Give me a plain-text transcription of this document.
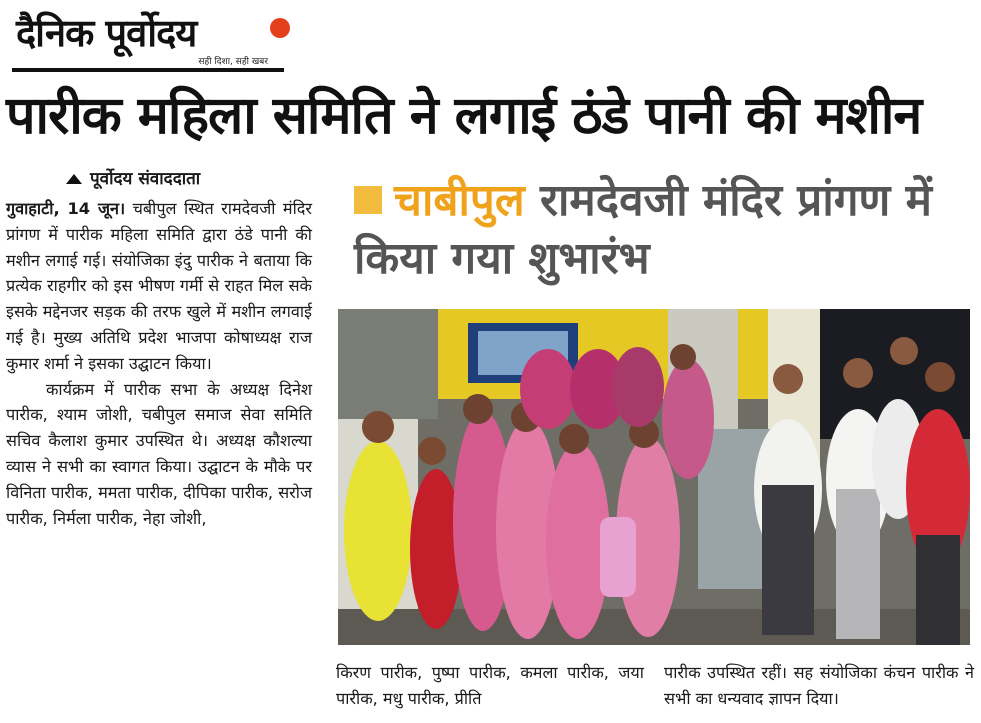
दैनिक पूर्वोदय
सही दिशा, सही खबर
पारीक महिला समिति ने लगाई ठंडे पानी की मशीन
पूर्वोदय संवाददाता	चाबीपुल रामदेवजी मंदिर प्रांगण में किया गया शुभारंभ

गुवाहाटी, 14 जून। चबीपुल स्थित रामदेवजी मंदिर प्रांगण में पारीक महिला समिति द्वारा ठंडे पानी की मशीन लगाई गई। संयोजिका इंदु पारीक ने बताया कि प्रत्येक राहगीर को इस भीषण गर्मी से राहत मिल सके इसके मद्देनजर सड़क की तरफ खुले में मशीन लगवाई गई है। मुख्य अतिथि प्रदेश भाजपा कोषाध्यक्ष राज कुमार शर्मा ने इसका उद्घाटन किया।

कार्यक्रम में पारीक सभा के अध्यक्ष दिनेश पारीक, श्याम जोशी, चबीपुल समाज सेवा समिति सचिव कैलाश कुमार उपस्थित थे। अध्यक्ष कौशल्या व्यास ने सभी का स्वागत किया। उद्घाटन के मौके पर विनिता पारीक, ममता पारीक, दीपिका पारीक, सरोज पारीक, निर्मला पारीक, नेहा जोशी,

किरण पारीक, पुष्पा पारीक, कमला पारीक, जया पारीक, मधु पारीक, प्रीति

पारीक उपस्थित रहीं। सह संयोजिका कंचन पारीक ने सभी का धन्यवाद ज्ञापन दिया।
